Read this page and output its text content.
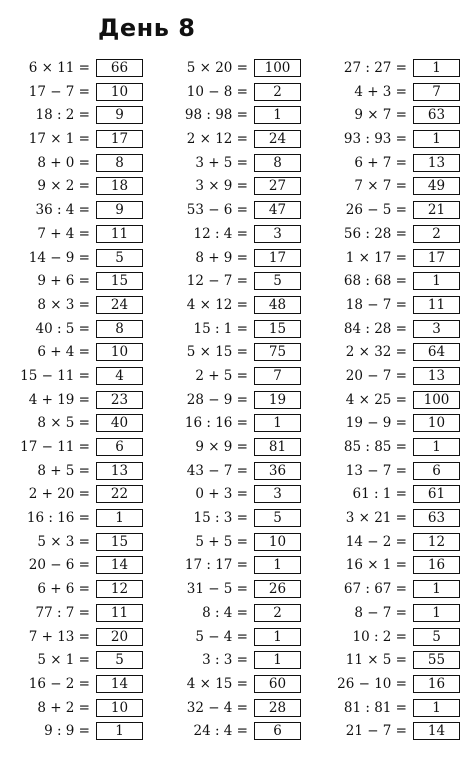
День 8
6 × 11 =	66
17 − 7 =	10
18 : 2 =	9
17 × 1 =	17
8 + 0 =	8
9 × 2 =	18
36 : 4 =	9
7 + 4 =	11
14 − 9 =	5
9 + 6 =	15
8 × 3 =	24
40 : 5 =	8
6 + 4 =	10
15 − 11 =	4
4 + 19 =	23
8 × 5 =	40
17 − 11 =	6
8 + 5 =	13
2 + 20 =	22
16 : 16 =	1
5 × 3 =	15
20 − 6 =	14
6 + 6 =	12
77 : 7 =	11
7 + 13 =	20
5 × 1 =	5
16 − 2 =	14
8 + 2 =	10
9 : 9 =	1
5 × 20 =	100
10 − 8 =	2
98 : 98 =	1
2 × 12 =	24
3 + 5 =	8
3 × 9 =	27
53 − 6 =	47
12 : 4 =	3
8 + 9 =	17
12 − 7 =	5
4 × 12 =	48
15 : 1 =	15
5 × 15 =	75
2 + 5 =	7
28 − 9 =	19
16 : 16 =	1
9 × 9 =	81
43 − 7 =	36
0 + 3 =	3
15 : 3 =	5
5 + 5 =	10
17 : 17 =	1
31 − 5 =	26
8 : 4 =	2
5 − 4 =	1
3 : 3 =	1
4 × 15 =	60
32 − 4 =	28
24 : 4 =	6
27 : 27 =	1
4 + 3 =	7
9 × 7 =	63
93 : 93 =	1
6 + 7 =	13
7 × 7 =	49
26 − 5 =	21
56 : 28 =	2
1 × 17 =	17
68 : 68 =	1
18 − 7 =	11
84 : 28 =	3
2 × 32 =	64
20 − 7 =	13
4 × 25 =	100
19 − 9 =	10
85 : 85 =	1
13 − 7 =	6
61 : 1 =	61
3 × 21 =	63
14 − 2 =	12
16 × 1 =	16
67 : 67 =	1
8 − 7 =	1
10 : 2 =	5
11 × 5 =	55
26 − 10 =	16
81 : 81 =	1
21 − 7 =	14
